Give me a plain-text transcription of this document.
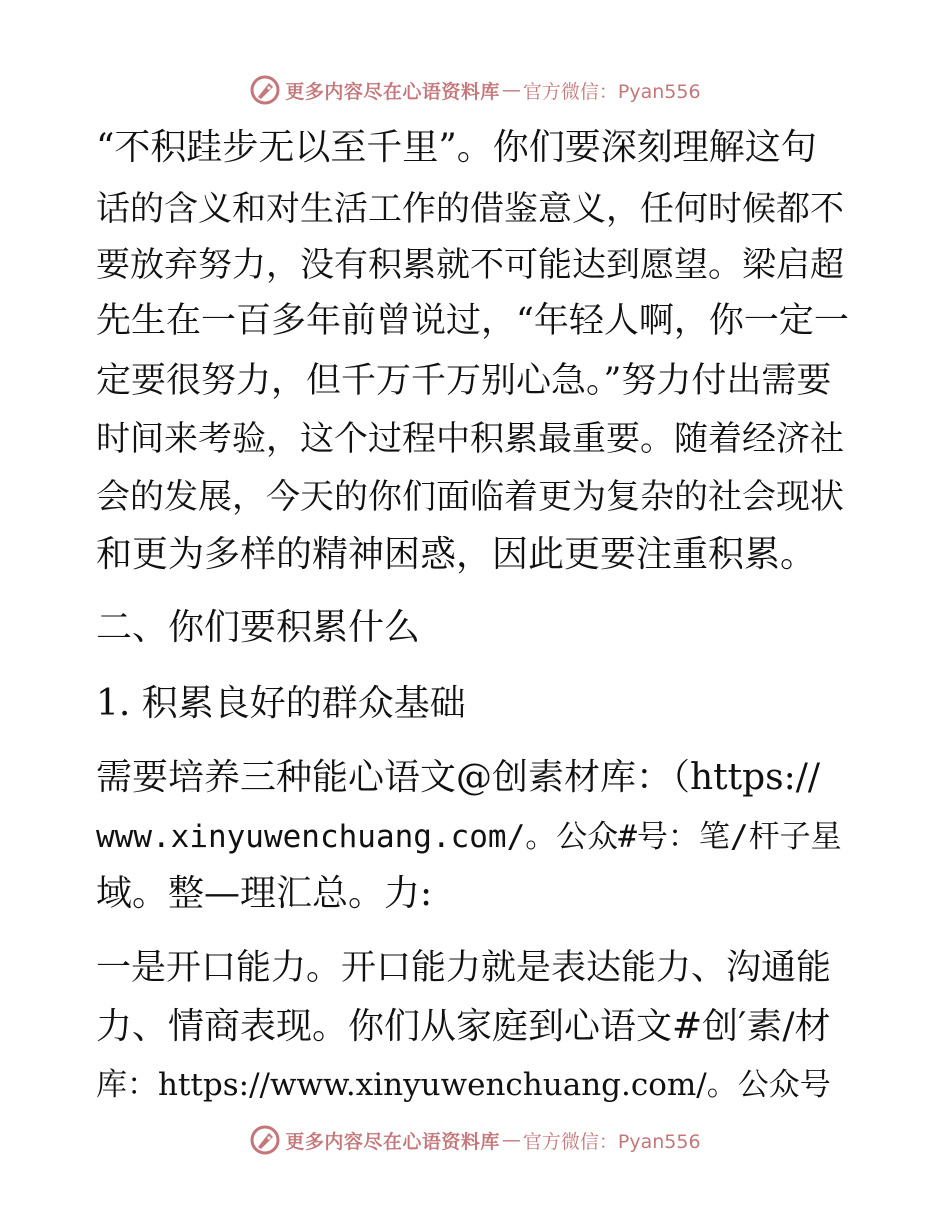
更多内容尽在心语资料库 — 官方微信：Pyan556
“不积跬步无以至千里”。你们要深刻理解这句
话的含义和对生活工作的借鉴意义，任何时候都不
要放弃努力，没有积累就不可能达到愿望。梁启超
先生在一百多年前曾说过，“年轻人啊，你一定一
定要很努力，但千万千万别心急。”努力付出需要
时间来考验，这个过程中积累最重要。随着经济社
会的发展，今天的你们面临着更为复杂的社会现状
和更为多样的精神困惑，因此更要注重积累。
二、你们要积累什么
1. 积累良好的群众基础
需要培养三种能心语文@创素材库：（https://
www.xinyuwenchuang.com/。公众#号：笔/杆子星
域。整—理汇总。力:
一是开口能力。开口能力就是表达能力、沟通能
力、情商表现。你们从家庭到心语文#创′素/材
库：https://www.xinyuwenchuang.com/。公众号
更多内容尽在心语资料库 — 官方微信：Pyan556
